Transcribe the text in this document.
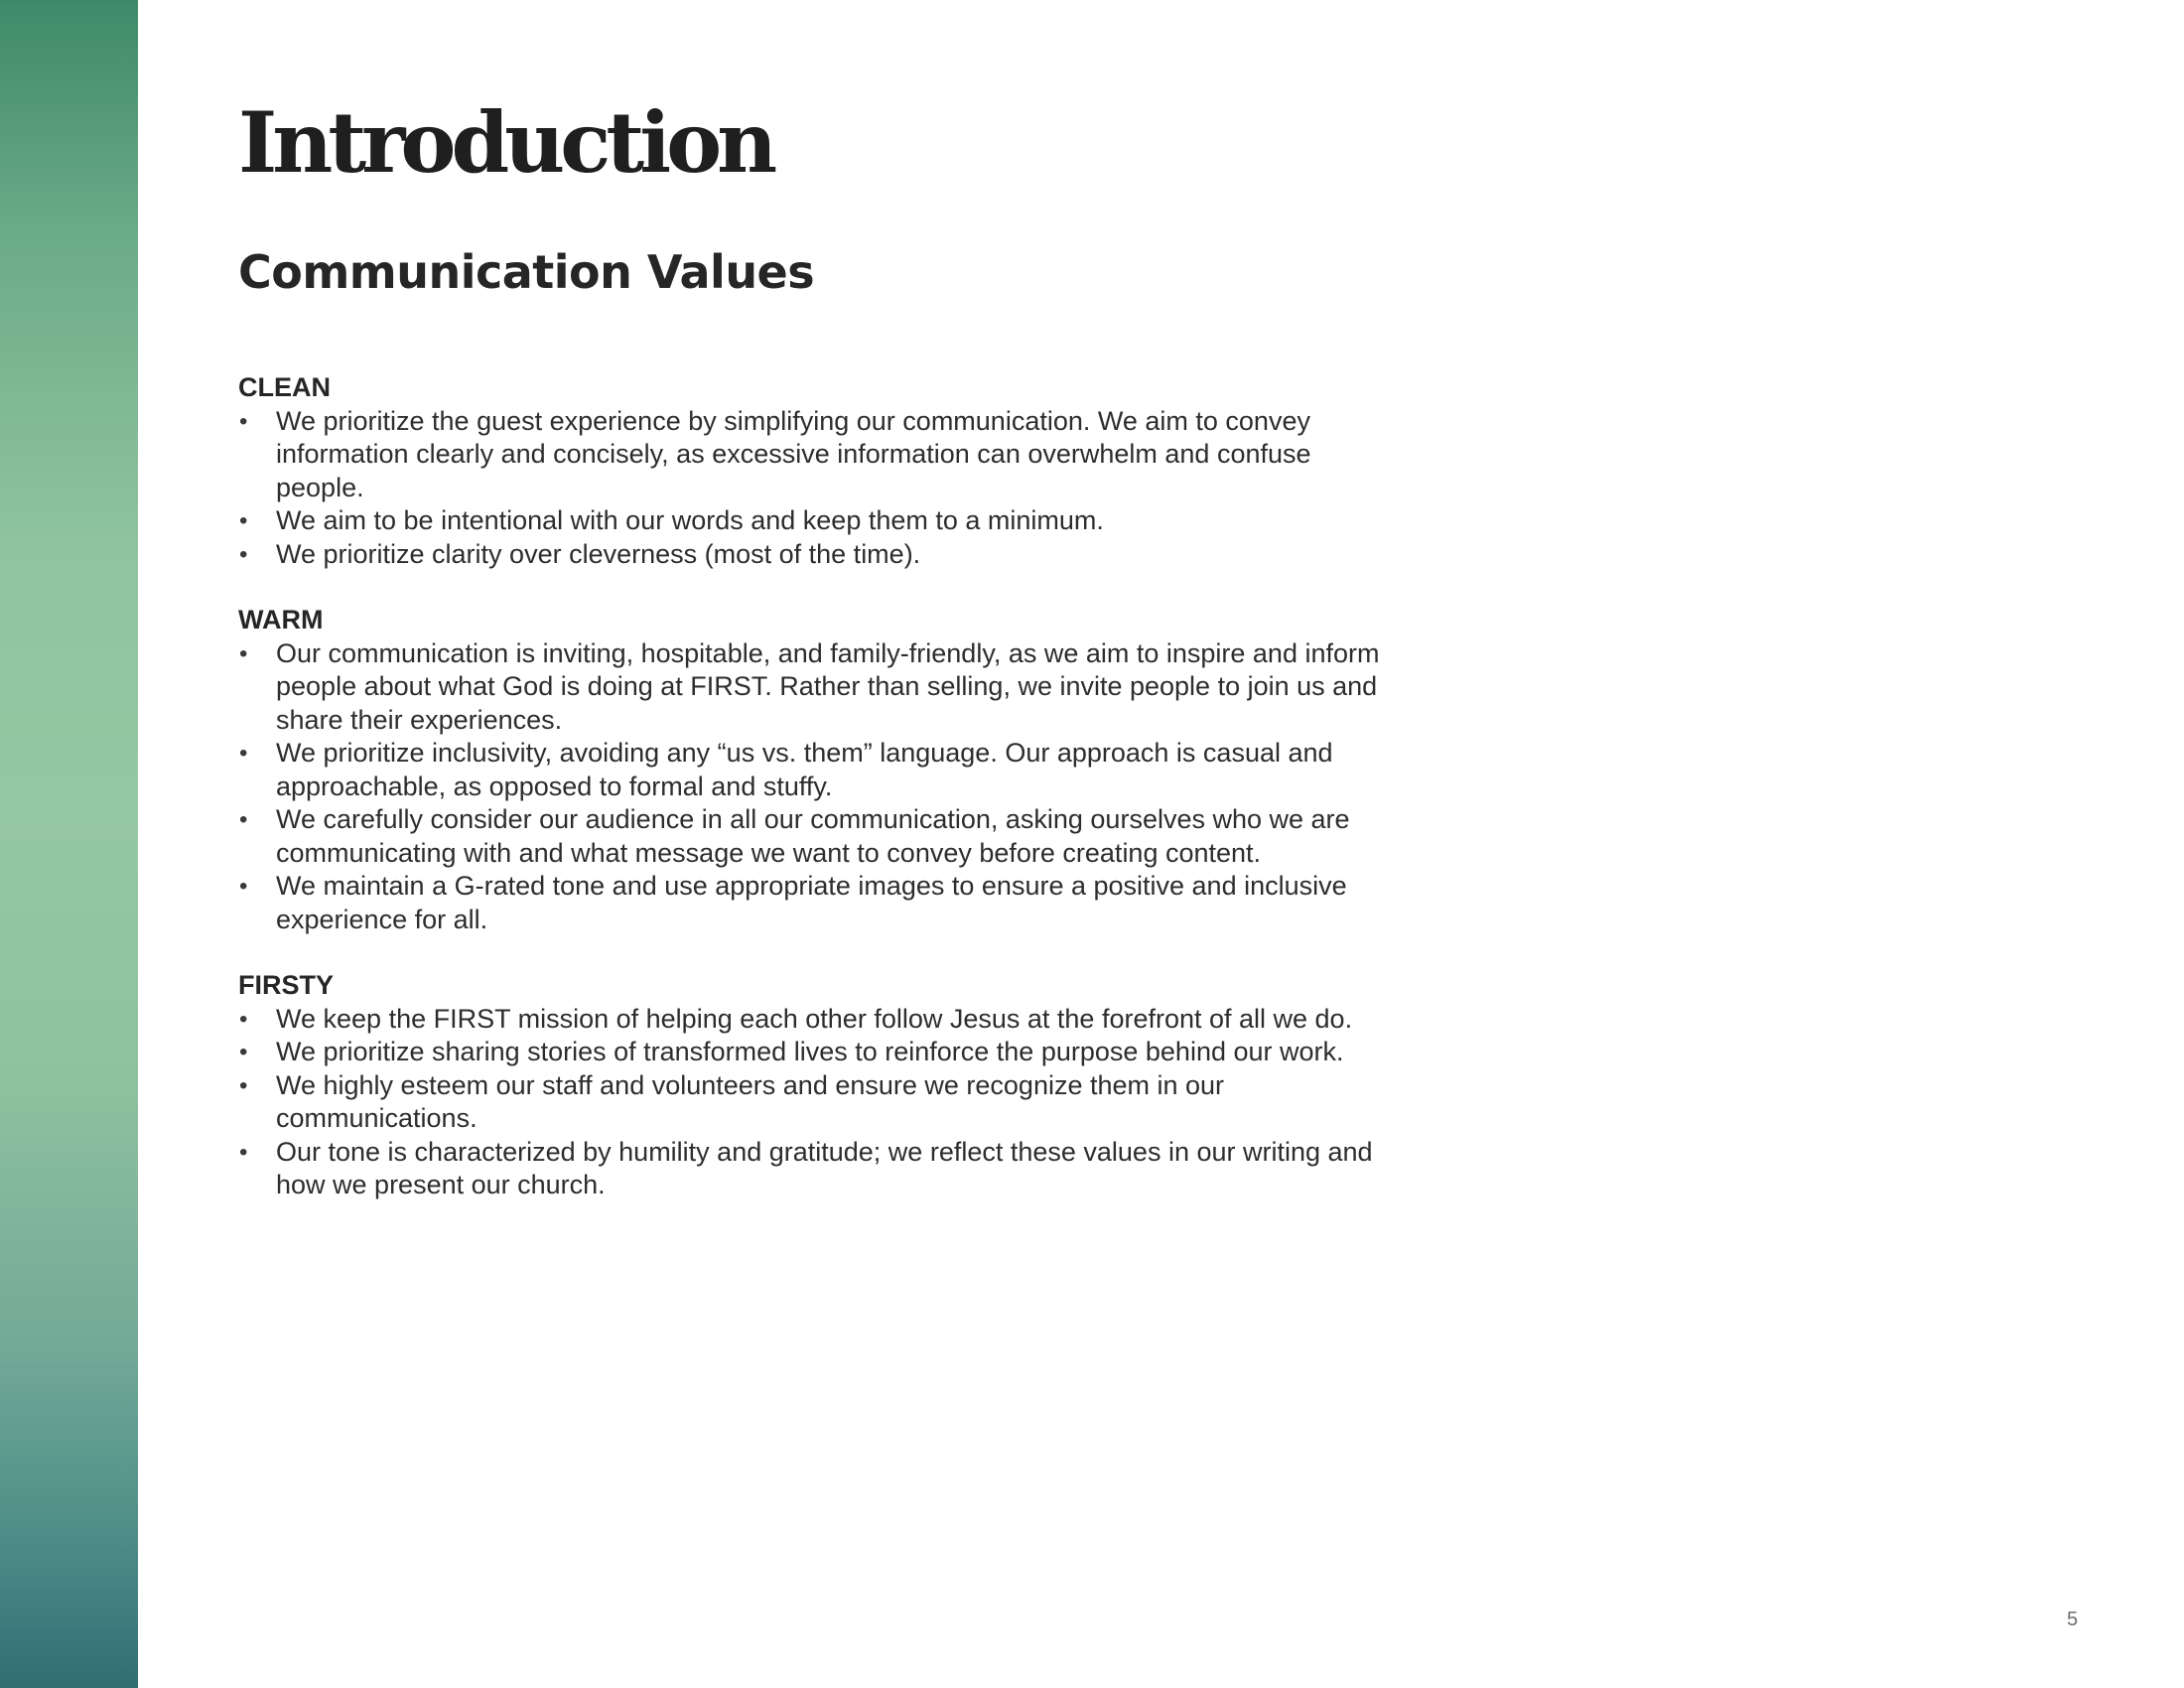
Introduction
Communication Values
CLEAN
• We prioritize the guest experience by simplifying our communication. We aim to convey information clearly and concisely, as excessive information can overwhelm and confuse people.
• We aim to be intentional with our words and keep them to a minimum.
• We prioritize clarity over cleverness (most of the time).
WARM
• Our communication is inviting, hospitable, and family-friendly, as we aim to inspire and inform people about what God is doing at FIRST. Rather than selling, we invite people to join us and share their experiences.
• We prioritize inclusivity, avoiding any “us vs. them” language. Our approach is casual and approachable, as opposed to formal and stuffy.
• We carefully consider our audience in all our communication, asking ourselves who we are communicating with and what message we want to convey before creating content.
• We maintain a G-rated tone and use appropriate images to ensure a positive and inclusive experience for all.
FIRSTY
• We keep the FIRST mission of helping each other follow Jesus at the forefront of all we do.
• We prioritize sharing stories of transformed lives to reinforce the purpose behind our work.
• We highly esteem our staff and volunteers and ensure we recognize them in our communications.
• Our tone is characterized by humility and gratitude; we reflect these values in our writing and how we present our church.
5
